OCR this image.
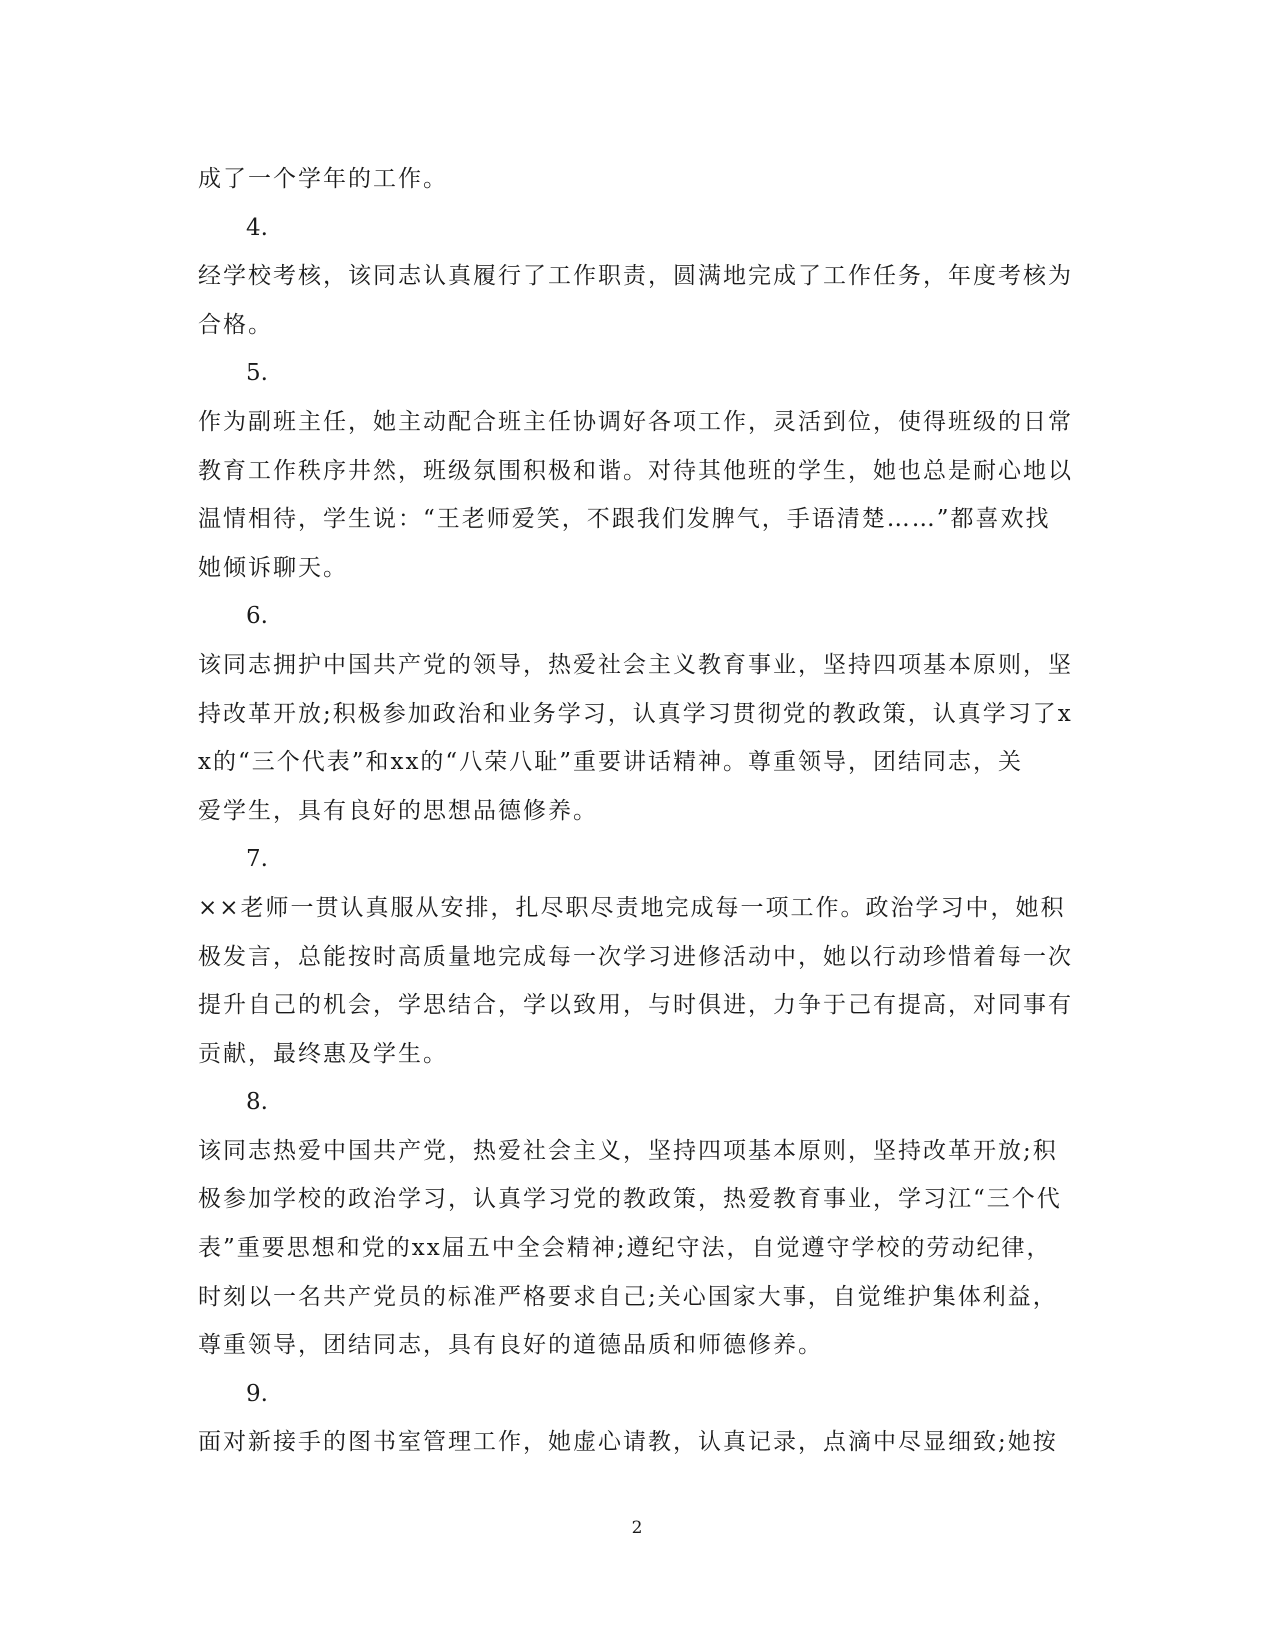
成了一个学年的工作。
4.
经学校考核，该同志认真履行了工作职责，圆满地完成了工作任务，年度考核为
合格。
5.
作为副班主任，她主动配合班主任协调好各项工作，灵活到位，使得班级的日常
教育工作秩序井然，班级氛围积极和谐。对待其他班的学生，她也总是耐心地以
温情相待，学生说：“王老师爱笑，不跟我们发脾气，手语清楚……”都喜欢找
她倾诉聊天。
6.
该同志拥护中国共产党的领导，热爱社会主义教育事业，坚持四项基本原则，坚
持改革开放;积极参加政治和业务学习，认真学习贯彻党的教政策，认真学习了x
x的“三个代表”和xx的“八荣八耻”重要讲话精神。尊重领导，团结同志，关
爱学生，具有良好的思想品德修养。
7.
××老师一贯认真服从安排，扎尽职尽责地完成每一项工作。政治学习中，她积
极发言，总能按时高质量地完成每一次学习进修活动中，她以行动珍惜着每一次
提升自己的机会，学思结合，学以致用，与时俱进，力争于己有提高，对同事有
贡献，最终惠及学生。
8.
该同志热爱中国共产党，热爱社会主义，坚持四项基本原则，坚持改革开放;积
极参加学校的政治学习，认真学习党的教政策，热爱教育事业，学习江“三个代
表”重要思想和党的xx届五中全会精神;遵纪守法，自觉遵守学校的劳动纪律，
时刻以一名共产党员的标准严格要求自己;关心国家大事，自觉维护集体利益，
尊重领导，团结同志，具有良好的道德品质和师德修养。
9.
面对新接手的图书室管理工作，她虚心请教，认真记录，点滴中尽显细致;她按
2
